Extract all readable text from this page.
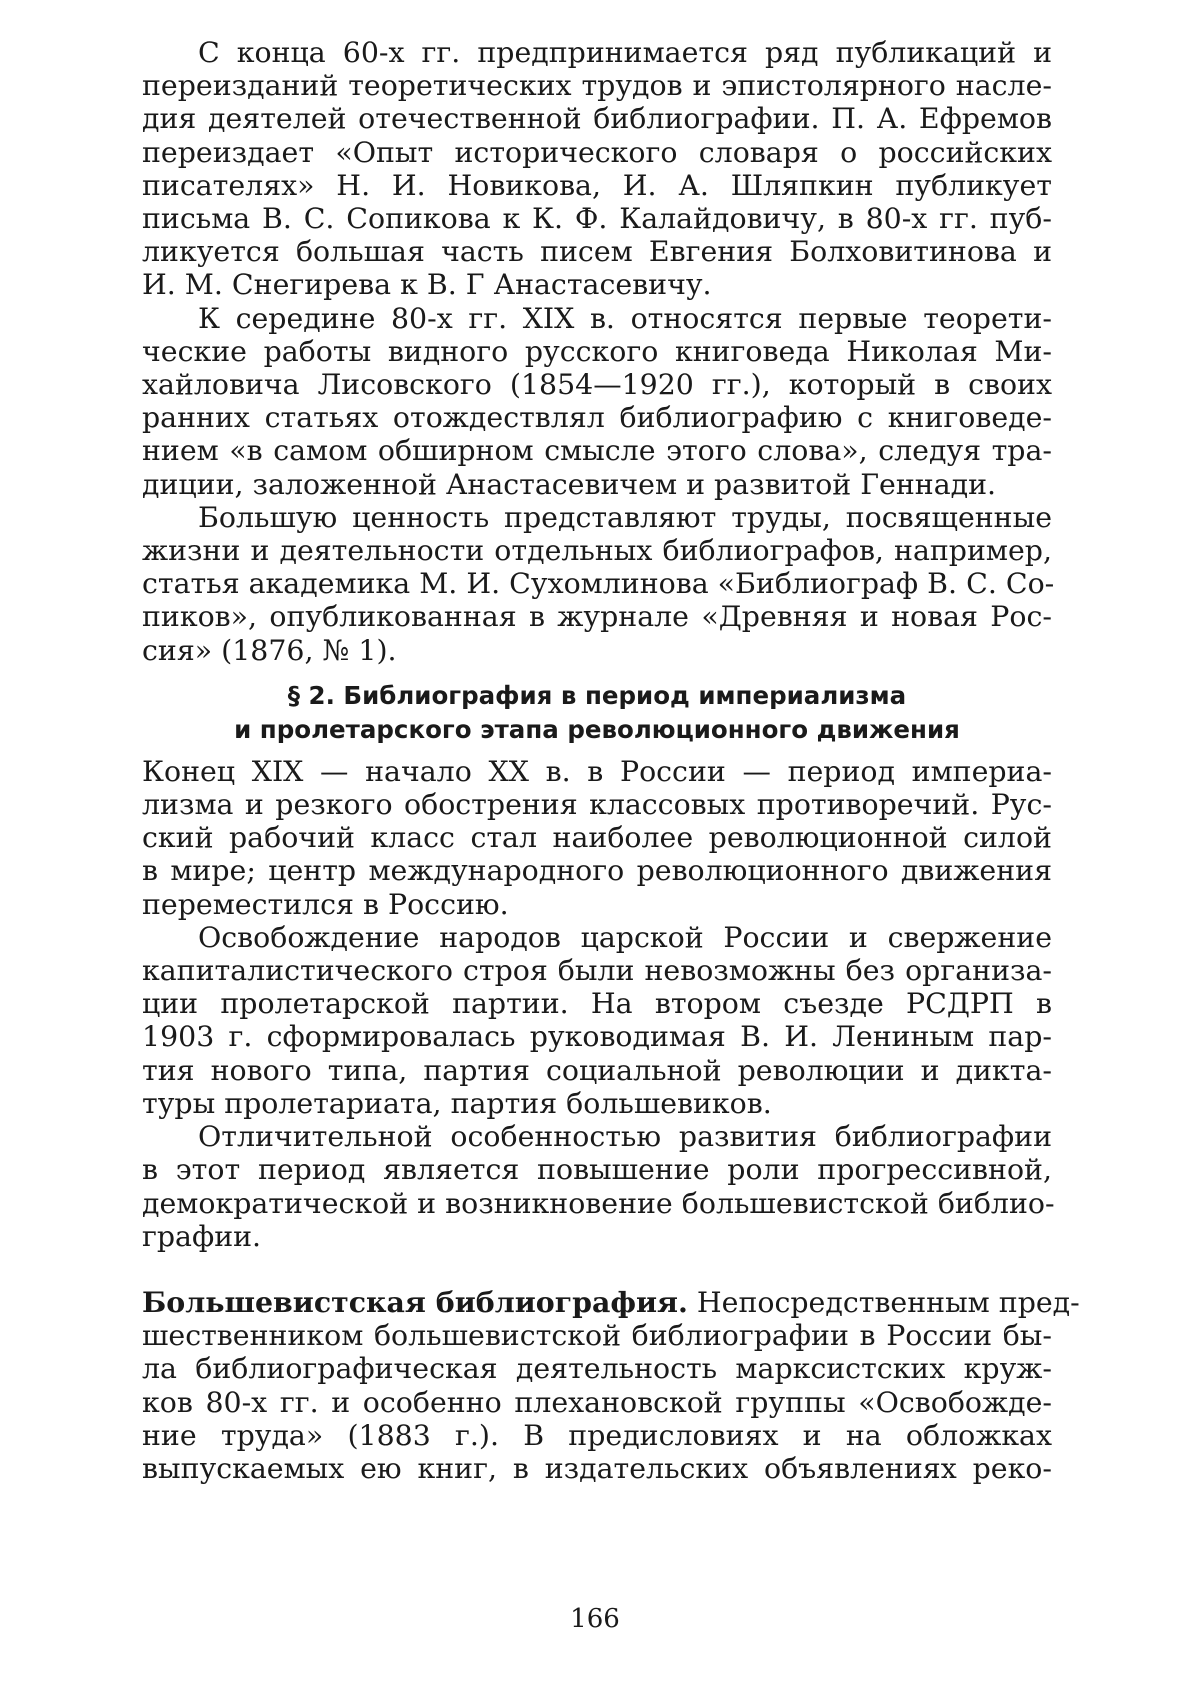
С конца 60-х гг. предпринимается ряд публикаций и
переизданий теоретических трудов и эпистолярного насле-
дия деятелей отечественной библиографии. П. А. Ефремов
переиздает «Опыт исторического словаря о российских
писателях» Н. И. Новикова, И. А. Шляпкин публикует
письма В. С. Сопикова к К. Ф. Калайдовичу, в 80-х гг. пуб-
ликуется большая часть писем Евгения Болховитинова и
И. М. Снегирева к В. Г Анастасевичу.

К середине 80-х гг. XIX в. относятся первые теорети-
ческие работы видного русского книговеда Николая Ми-
хайловича Лисовского (1854—1920 гг.), который в своих
ранних статьях отождествлял библиографию с книговеде-
нием «в самом обширном смысле этого слова», следуя тра-
диции, заложенной Анастасевичем и развитой Геннади.

Большую ценность представляют труды, посвященные
жизни и деятельности отдельных библиографов, например,
статья академика М. И. Сухомлинова «Библиограф В. С. Со-
пиков», опубликованная в журнале «Древняя и новая Рос-
сия» (1876, № 1).

§ 2. Библиография в период империализма
и пролетарского этапа революционного движения

Конец XIX — начало XX в. в России — период империа-
лизма и резкого обострения классовых противоречий. Рус-
ский рабочий класс стал наиболее революционной силой
в мире; центр международного революционного движения
переместился в Россию.

Освобождение народов царской России и свержение
капиталистического строя были невозможны без организа-
ции пролетарской партии. На втором съезде РСДРП в
1903 г. сформировалась руководимая В. И. Лениным пар-
тия нового типа, партия социальной революции и дикта-
туры пролетариата, партия большевиков.

Отличительной особенностью развития библиографии
в этот период является повышение роли прогрессивной,
демократической и возникновение большевистской библио-
графии.

Большевистская библиография. Непосредственным пред-
шественником большевистской библиографии в России бы-
ла библиографическая деятельность марксистских круж-
ков 80-х гг. и особенно плехановской группы «Освобожде-
ние труда» (1883 г.). В предисловиях и на обложках
выпускаемых ею книг, в издательских объявлениях реко-

166
